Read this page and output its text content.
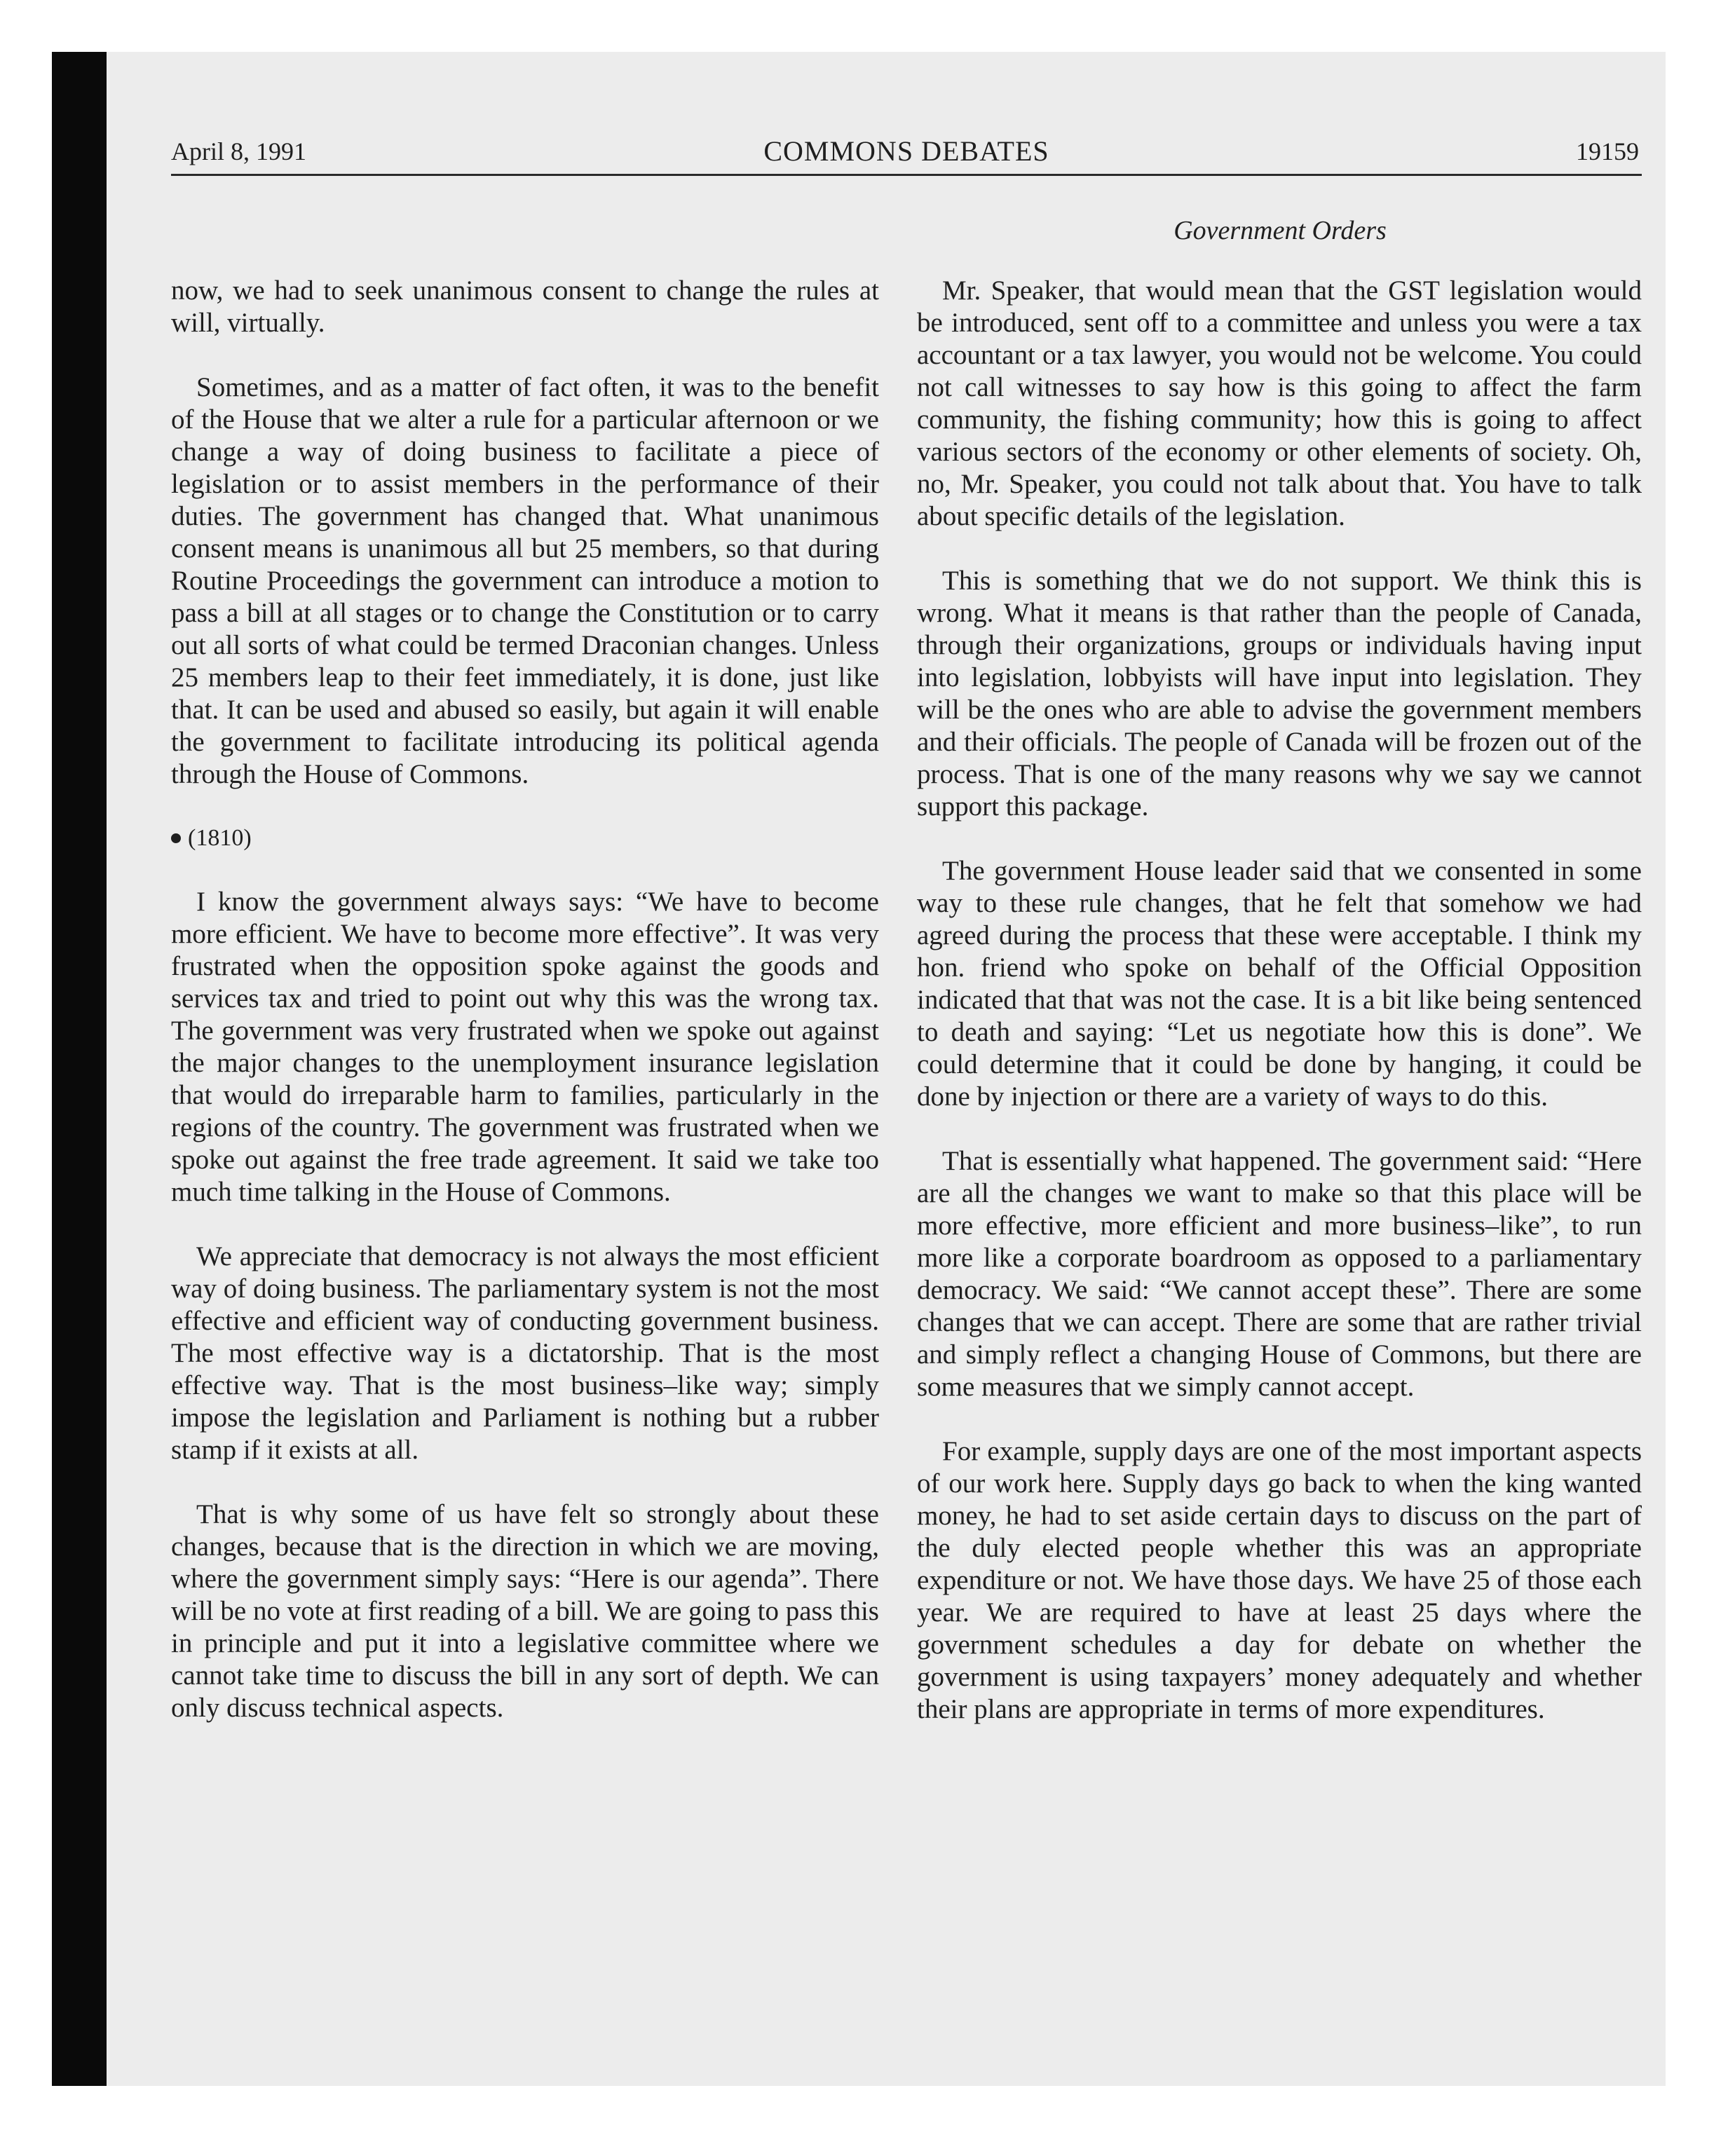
April 8, 1991	COMMONS DEBATES	19159
Government Orders

now, we had to seek unanimous consent to change the rules at will, virtually.

Sometimes, and as a matter of fact often, it was to the benefit of the House that we alter a rule for a particular afternoon or we change a way of doing business to facilitate a piece of legislation or to assist members in the performance of their duties. The government has changed that. What unanimous consent means is unanimous all but 25 members, so that during Routine Proceedings the government can introduce a motion to pass a bill at all stages or to change the Constitution or to carry out all sorts of what could be termed Draconian changes. Unless 25 members leap to their feet immediately, it is done, just like that. It can be used and abused so easily, but again it will enable the government to facilitate introducing its political agenda through the House of Commons.

(1810)

I know the government always says: “We have to become more efficient. We have to become more effective”. It was very frustrated when the opposition spoke against the goods and services tax and tried to point out why this was the wrong tax. The government was very frustrated when we spoke out against the major changes to the unemployment insurance legislation that would do irreparable harm to families, particularly in the regions of the country. The government was frustrated when we spoke out against the free trade agreement. It said we take too much time talking in the House of Commons.

We appreciate that democracy is not always the most efficient way of doing business. The parliamentary system is not the most effective and efficient way of conducting government business. The most effective way is a dictatorship. That is the most effective way. That is the most business–like way; simply impose the legislation and Parliament is nothing but a rubber stamp if it exists at all.

That is why some of us have felt so strongly about these changes, because that is the direction in which we are moving, where the government simply says: “Here is our agenda”. There will be no vote at first reading of a bill. We are going to pass this in principle and put it into a legislative committee where we cannot take time to discuss the bill in any sort of depth. We can only discuss technical aspects.

Mr. Speaker, that would mean that the GST legislation would be introduced, sent off to a committee and unless you were a tax accountant or a tax lawyer, you would not be welcome. You could not call witnesses to say how is this going to affect the farm community, the fishing community; how this is going to affect various sectors of the economy or other elements of society. Oh, no, Mr. Speaker, you could not talk about that. You have to talk about specific details of the legislation.

This is something that we do not support. We think this is wrong. What it means is that rather than the people of Canada, through their organizations, groups or individuals having input into legislation, lobbyists will have input into legislation. They will be the ones who are able to advise the government members and their officials. The people of Canada will be frozen out of the process. That is one of the many reasons why we say we cannot support this package.

The government House leader said that we consented in some way to these rule changes, that he felt that somehow we had agreed during the process that these were acceptable. I think my hon. friend who spoke on behalf of the Official Opposition indicated that that was not the case. It is a bit like being sentenced to death and saying: “Let us negotiate how this is done”. We could determine that it could be done by hanging, it could be done by injection or there are a variety of ways to do this.

That is essentially what happened. The government said: “Here are all the changes we want to make so that this place will be more effective, more efficient and more business–like”, to run more like a corporate boardroom as opposed to a parliamentary democracy. We said: “We cannot accept these”. There are some changes that we can accept. There are some that are rather trivial and simply reflect a changing House of Commons, but there are some measures that we simply cannot accept.

For example, supply days are one of the most important aspects of our work here. Supply days go back to when the king wanted money, he had to set aside certain days to discuss on the part of the duly elected people whether this was an appropriate expenditure or not. We have those days. We have 25 of those each year. We are required to have at least 25 days where the government schedules a day for debate on whether the government is using taxpayers’ money adequately and whether their plans are appropriate in terms of more expenditures.
